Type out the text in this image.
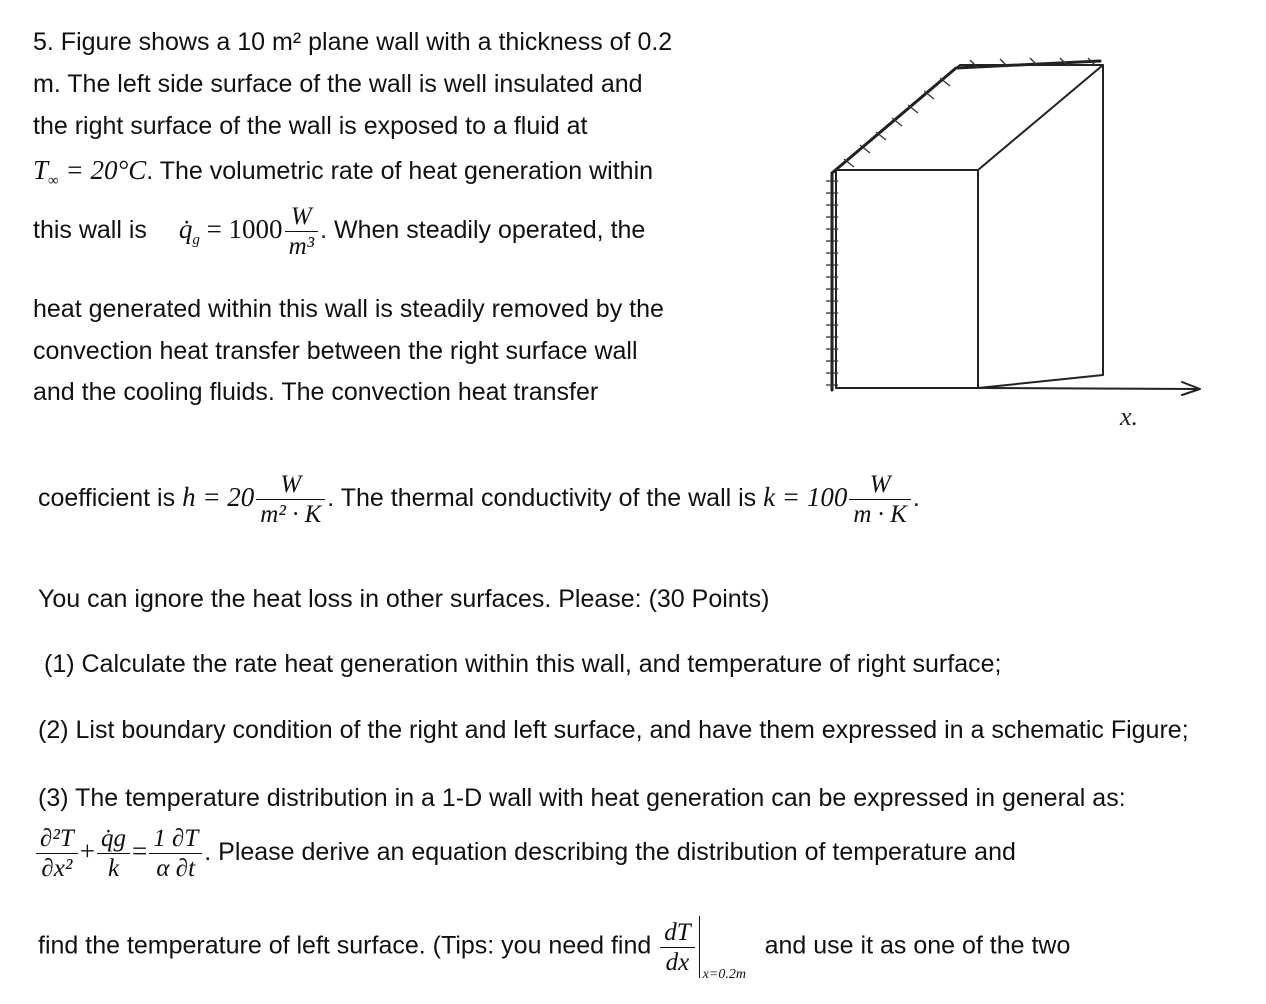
5. Figure shows a 10 m² plane wall with a thickness of 0.2
m. The left side surface of the wall is well insulated and
the right surface of the wall is exposed to a fluid at
$T_\infty = 20^\circ C$. The volumetric rate of heat generation within
this wall is $q̇_g = 1000 \frac{W}{\text{m³}}$ . When steadily operated, the
heat generated within this wall is steadily removed by the
convection heat transfer between the right surface wall
and the cooling fluids. The convection heat transfer
x.
coefficient is $h = 20 \frac{W}{\text{m² · K}}$ . The thermal conductivity of the wall is $k = 100 \frac{W}{m \cdot K}$ .
You can ignore the heat loss in other surfaces. Please: (30 Points)
(1) Calculate the rate heat generation within this wall, and temperature of right surface;
(2) List boundary condition of the right and left surface, and have them expressed in a schematic Figure;
(3) The temperature distribution in a 1-D wall with heat generation can be expressed in general as:
$\frac{\text{∂²T}}{\text{∂x²}} + \frac{q̇g}{k} = \frac{1 \partial T}{\alpha \partial t}$ . Please derive an equation describing the distribution of temperature and
find the temperature of left surface. (Tips: you need find $\frac{dT}{dx} x=0.2m$
and use it as one of the two
